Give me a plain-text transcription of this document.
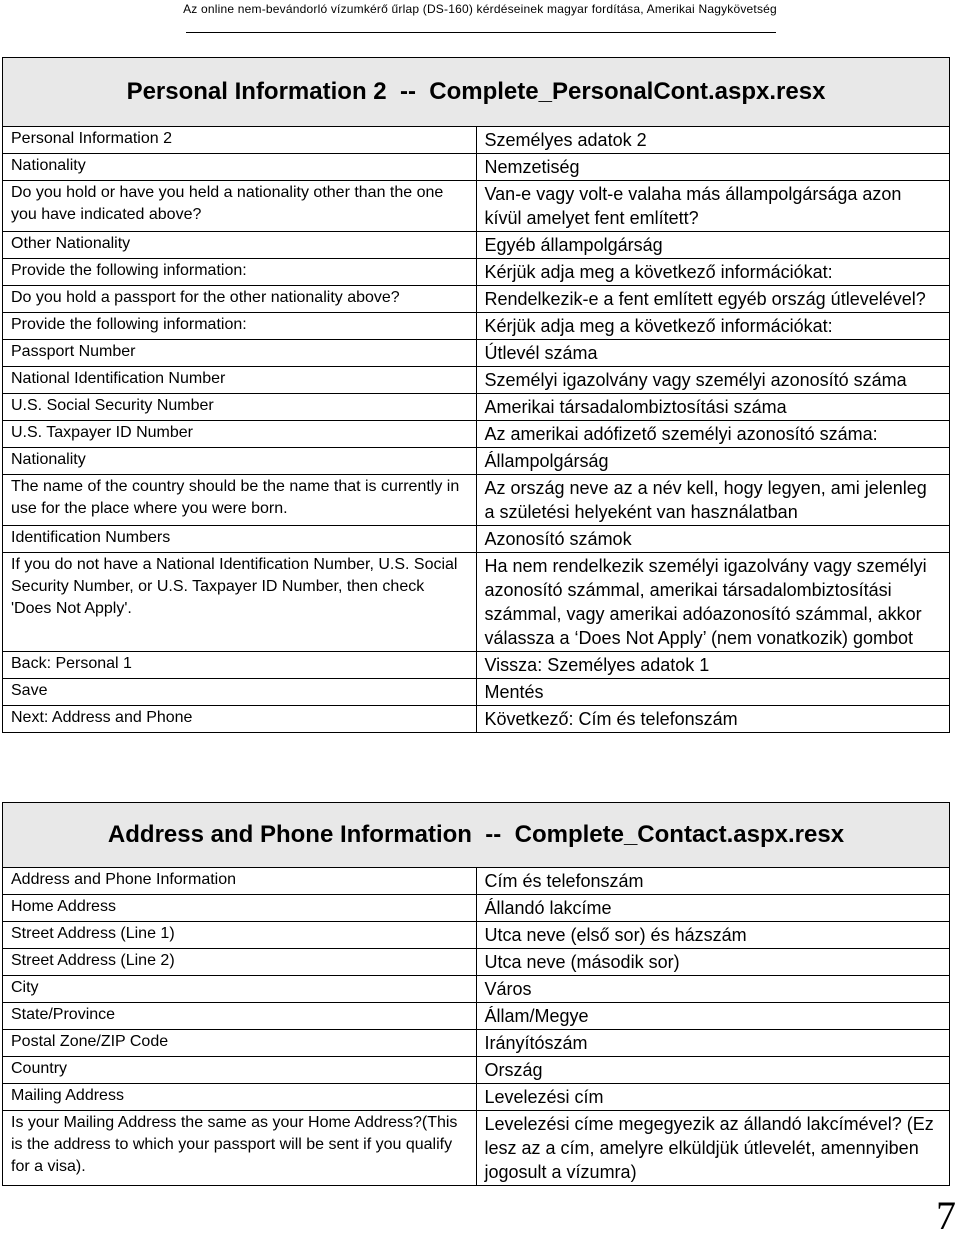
Az online nem-bevándorló vízumkérő űrlap (DS-160) kérdéseinek magyar fordítása, Amerikai Nagykövetség
Personal Information 2  --  Complete_PersonalCont.aspx.resx	
Personal Information 2	Személyes adatok 2
Nationality	Nemzetiség
Do you hold or have you held a nationality other than the one you have indicated above?	Van-e vagy volt-e valaha más állampolgársága azon kívül amelyet fent említett?
Other Nationality	Egyéb állampolgárság
Provide the following information:	Kérjük adja meg a következő információkat:
Do you hold a passport for the other nationality above?	Rendelkezik-e a fent említett egyéb ország útlevelével?
Provide the following information:	Kérjük adja meg a következő információkat:
Passport Number	Útlevél száma
National Identification Number	Személyi igazolvány vagy személyi azonosító száma
U.S. Social Security Number	Amerikai társadalombiztosítási száma
U.S. Taxpayer ID Number	Az amerikai adófizető személyi azonosító száma:
Nationality	Állampolgárság
The name of the country should be the name that is currently in use for the place where you were born.	Az ország neve az a név kell, hogy legyen, ami jelenleg a születési helyeként van használatban
Identification Numbers	Azonosító számok
If you do not have a National Identification Number, U.S. Social Security Number, or U.S. Taxpayer ID Number, then check 'Does Not Apply'.	Ha nem rendelkezik személyi igazolvány vagy személyi azonosító számmal, amerikai társadalombiztosítási számmal, vagy amerikai adóazonosító számmal, akkor válassza a ‘Does Not Apply’ (nem vonatkozik) gombot
Back: Personal 1	Vissza: Személyes adatok 1
Save	Mentés
Next: Address and Phone	Következő: Cím és telefonszám
Address and Phone Information  --  Complete_Contact.aspx.resx	
Address and Phone Information	Cím és telefonszám
Home Address	Állandó lakcíme
Street Address (Line 1)	Utca neve (első sor) és házszám
Street Address (Line 2)	Utca neve (második sor)
City	Város
State/Province	Állam/Megye
Postal Zone/ZIP Code	Irányítószám
Country	Ország
Mailing Address	Levelezési cím
Is your Mailing Address the same as your Home Address?(This is the address to which your passport will be sent if you qualify for a visa).	Levelezési címe megegyezik az állandó lakcímével? (Ez lesz az a cím, amelyre elküldjük útlevelét, amennyiben jogosult a vízumra)
7
